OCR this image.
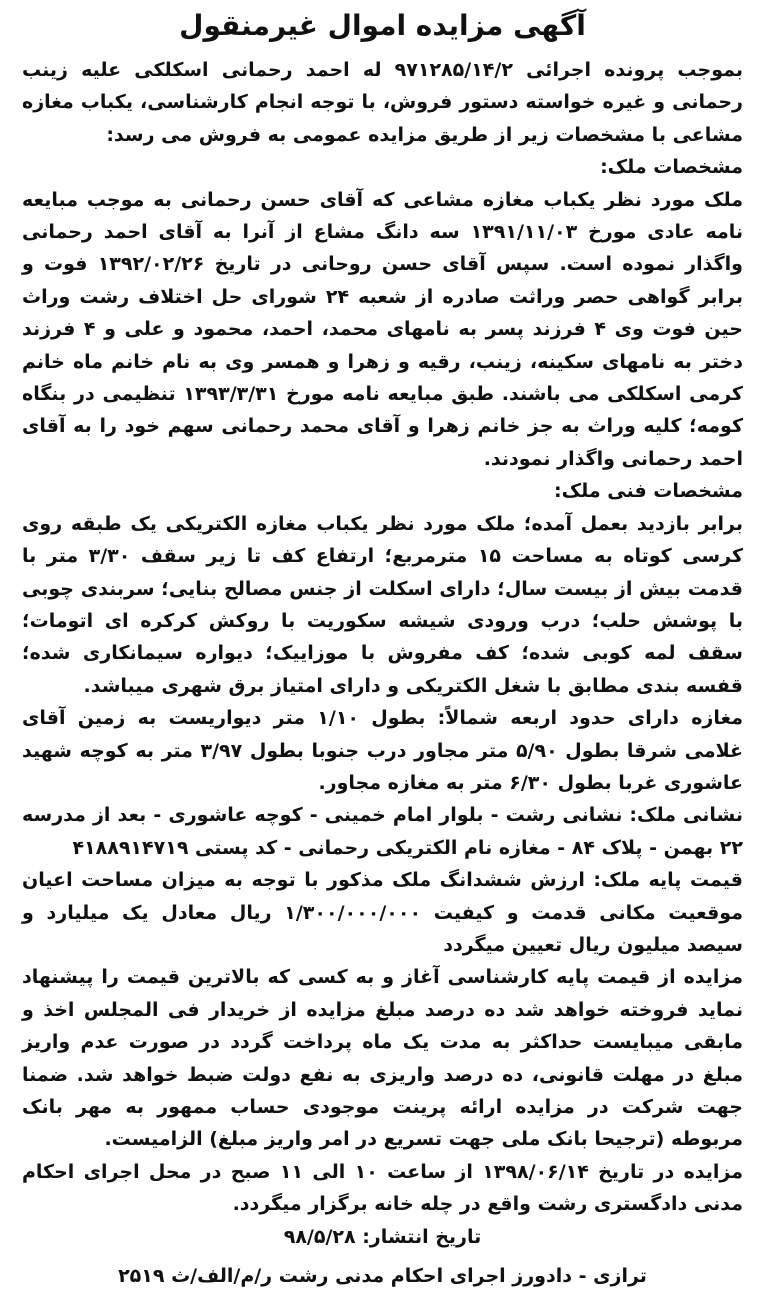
آگهی مزایده اموال غیرمنقول

بموجب پرونده اجرائی ۹۷۱۲۸۵/۱۴/۲ له احمد رحمانی اسکلکی علیه زینب رحمانی و غیره خواسته دستور فروش، با توجه انجام کارشناسی، یکباب مغازه مشاعی با مشخصات زیر از طریق مزایده عمومی به فروش می رسد:

مشخصات ملک:

ملک مورد نظر یکباب مغازه مشاعی که آقای حسن رحمانی به موجب مبایعه نامه عادی مورخ ۱۳۹۱/۱۱/۰۳ سه دانگ مشاع از آنرا به آقای احمد رحمانی واگذار نموده است. سپس آقای حسن روحانی در تاریخ ۱۳۹۲/۰۲/۲۶ فوت و برابر گواهی حصر وراثت صادره از شعبه ۲۴ شورای حل اختلاف رشت وراث حین فوت وی ۴ فرزند پسر به نامهای محمد، احمد، محمود و علی و ۴ فرزند دختر به نامهای سکینه، زینب، رقیه و زهرا و همسر وی به نام خانم ماه خانم کرمی اسکلکی می باشند. طبق مبایعه نامه مورخ ۱۳۹۳/۳/۳۱ تنظیمی در بنگاه کومه؛ کلیه وراث به جز خانم زهرا و آقای محمد رحمانی سهم خود را به آقای احمد رحمانی واگذار نمودند.

مشخصات فنی ملک:

برابر بازدید بعمل آمده؛ ملک مورد نظر یکباب مغازه الکتریکی یک طبقه روی کرسی کوتاه به مساحت ۱۵ مترمربع؛ ارتفاع کف تا زیر سقف ۳/۳۰ متر با قدمت بیش از بیست سال؛ دارای اسکلت از جنس مصالح بنایی؛ سربندی چوبی با پوشش حلب؛ درب ورودی شیشه سکوریت با روکش کرکره ای اتومات؛ سقف لمه کوبی شده؛ کف مفروش با موزاییک؛ دیواره سیمانکاری شده؛ قفسه بندی مطابق با شغل الکتریکی و دارای امتیاز برق شهری میباشد.

مغازه دارای حدود اربعه شمالاً: بطول ۱/۱۰ متر دیواریست به زمین آقای غلامی شرقا بطول ۵/۹۰ متر مجاور درب جنوبا بطول ۳/۹۷ متر به کوچه شهید عاشوری غربا بطول ۶/۳۰ متر به مغازه مجاور.

نشانی ملک: نشانی رشت - بلوار امام خمینی - کوچه عاشوری - بعد از مدرسه ۲۲ بهمن - پلاک ۸۴ - مغازه نام الکتریکی رحمانی - کد پستی ۴۱۸۸۹۱۴۷۱۹

قیمت پایه ملک: ارزش ششدانگ ملک مذکور با توجه به میزان مساحت اعیان موقعیت مکانی قدمت و کیفیت ۱/۳۰۰/۰۰۰/۰۰۰ ریال معادل یک میلیارد و سیصد میلیون ریال تعیین میگردد

مزایده از قیمت پایه کارشناسی آغاز و به کسی که بالاترین قیمت را پیشنهاد نماید فروخته خواهد شد ده درصد مبلغ مزایده از خریدار فی المجلس اخذ و مابقی میبایست حداکثر به مدت یک ماه پرداخت گردد در صورت عدم واریز مبلغ در مهلت قانونی، ده درصد واریزی به نفع دولت ضبط خواهد شد. ضمنا جهت شرکت در مزایده ارائه پرینت موجودی حساب ممهور به مهر بانک مربوطه (ترجیحا بانک ملی جهت تسریع در امر واریز مبلغ) الزامیست.

مزایده در تاریخ ۱۳۹۸/۰۶/۱۴ از ساعت ۱۰ الی ۱۱ صبح در محل اجرای احکام مدنی دادگستری رشت واقع در چله خانه برگزار میگردد.

تاریخ انتشار: ۹۸/۵/۲۸
ترازی - دادورز اجرای احکام مدنی رشت ر/م/الف/ث ۲۵۱۹
